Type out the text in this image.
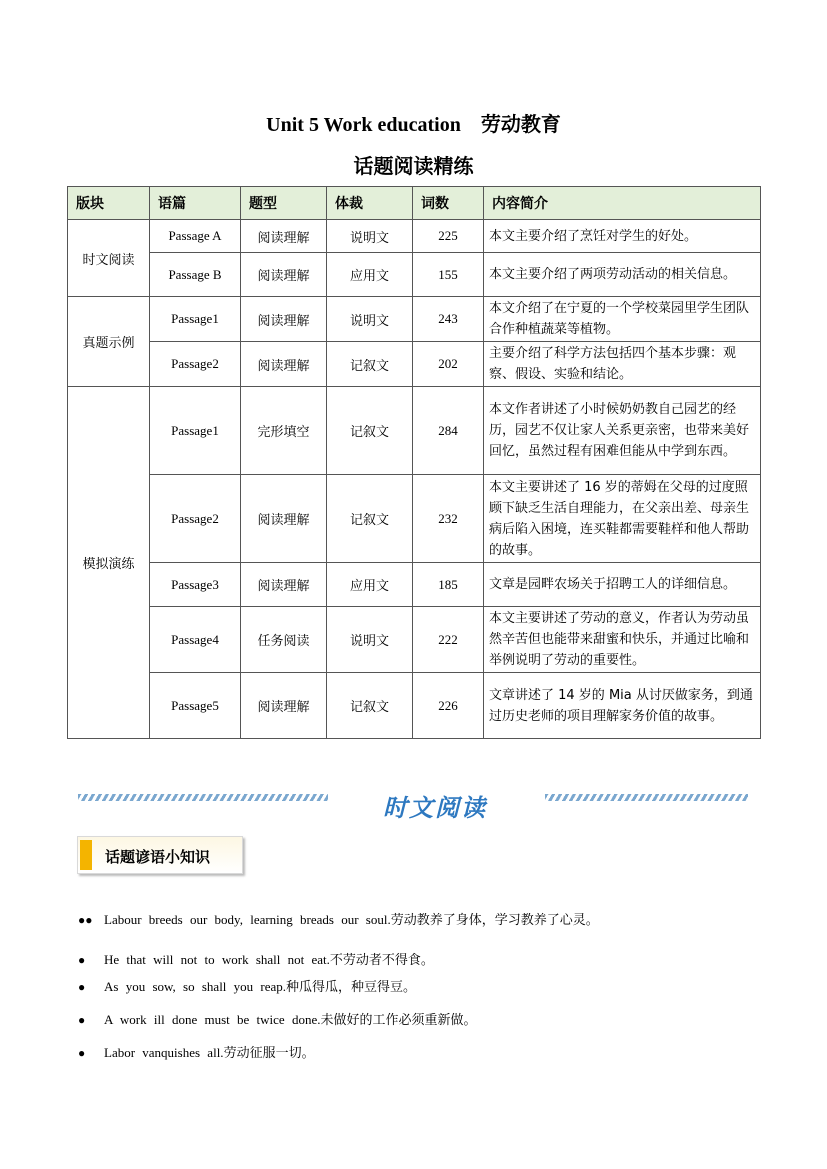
Unit 5 Work education　劳动教育
话题阅读精练
版块	语篇	题型	体裁	词数	内容简介
时文阅读	Passage A	阅读理解	说明文	225	本文主要介绍了烹饪对学生的好处。
	Passage B	阅读理解	应用文	155	本文主要介绍了两项劳动活动的相关信息。
真题示例	Passage1	阅读理解	说明文	243	本文介绍了在宁夏的一个学校菜园里学生团队合作种植蔬菜等植物。
	Passage2	阅读理解	记叙文	202	主要介绍了科学方法包括四个基本步骤：观察、假设、实验和结论。
模拟演练	Passage1	完形填空	记叙文	284	本文作者讲述了小时候奶奶教自己园艺的经历，园艺不仅让家人关系更亲密，也带来美好回忆，虽然过程有困难但能从中学到东西。
	Passage2	阅读理解	记叙文	232	本文主要讲述了 16 岁的蒂姆在父母的过度照顾下缺乏生活自理能力，在父亲出差、母亲生病后陷入困境，连买鞋都需要鞋样和他人帮助的故事。
	Passage3	阅读理解	应用文	185	文章是园畔农场关于招聘工人的详细信息。
	Passage4	任务阅读	说明文	222	本文主要讲述了劳动的意义，作者认为劳动虽然辛苦但也能带来甜蜜和快乐，并通过比喻和举例说明了劳动的重要性。
	Passage5	阅读理解	记叙文	226	文章讲述了 14 岁的 Mia 从讨厌做家务，到通过历史老师的项目理解家务价值的故事。
时文阅读
话题谚语小知识
●● Labour breeds our body, learning breads our soul.劳动教养了身体，学习教养了心灵。
● He that will not to work shall not eat.不劳动者不得食。
● As you sow, so shall you reap.种瓜得瓜，种豆得豆。
● A work ill done must be twice done.未做好的工作必须重新做。
● Labor vanquishes all.劳动征服一切。
